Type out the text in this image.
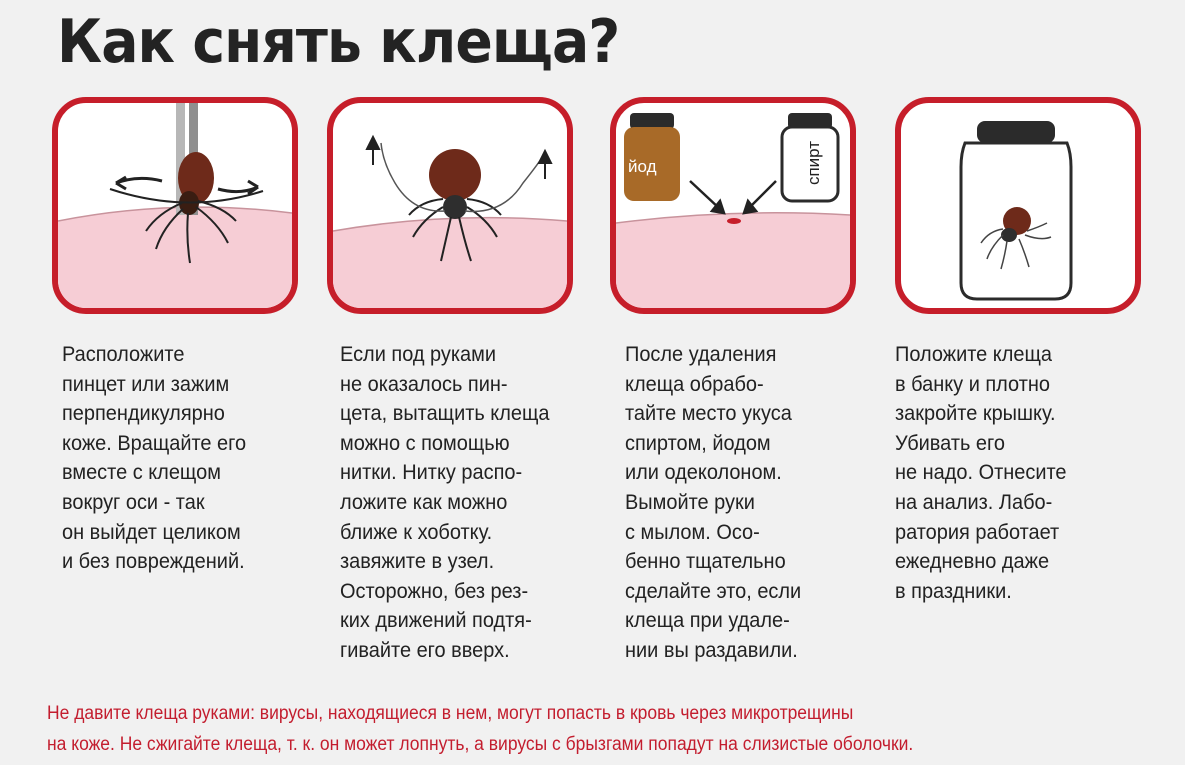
Как снять клеща?
йод	спирт

Расположите
пинцет или зажим
перпендикулярно
коже. Вращайте его
вместе с клещом
вокруг оси - так
он выйдет целиком
и без повреждений.

Если под руками
не оказалось пин-
цета, вытащить клеща
можно с помощью
нитки. Нитку распо-
ложите как можно
ближе к хоботку.
завяжите в узел.
Осторожно, без рез-
ких движений подтя-
гивайте его вверх.

После удаления
клеща обрабо-
тайте место укуса
спиртом, йодом
или одеколоном.
Вымойте руки
с мылом. Осо-
бенно тщательно
сделайте это, если
клеща при удале-
нии вы раздавили.

Положите клеща
в банку и плотно
закройте крышку.
Убивать его
не надо. Отнесите
на анализ. Лабо-
ратория работает
ежедневно даже
в праздники.

Не давите клеща руками: вирусы, находящиеся в нем, могут попасть в кровь через микротрещины
на коже. Не сжигайте клеща, т. к. он может лопнуть, а вирусы с брызгами попадут на слизистые оболочки.
